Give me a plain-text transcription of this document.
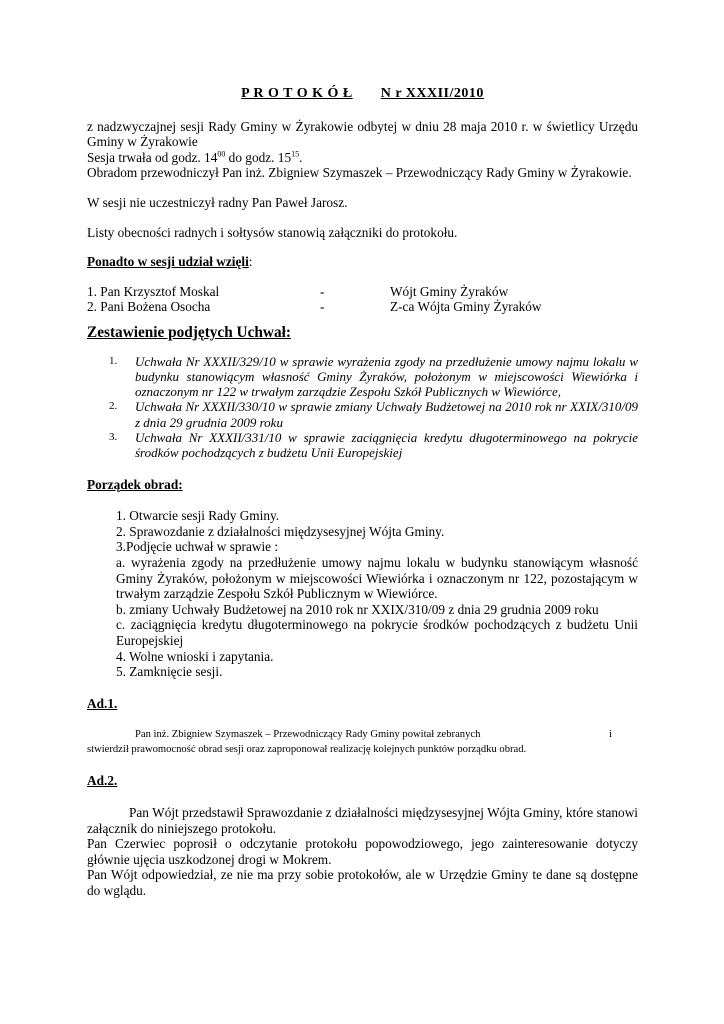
P R O T O K Ó Ł N r XXXII/2010

z nadzwyczajnej sesji Rady Gminy w Żyrakowie odbytej w dniu 28 maja 2010 r. w świetlicy Urzędu Gminy w Żyrakowie

Sesja trwała od godz. $14^{00}$ do godz. $15^{15}$.

Obradom przewodniczył Pan inż. Zbigniew Szymaszek – Przewodniczący Rady Gminy w Żyrakowie.

W sesji nie uczestniczył radny Pan Paweł Jarosz.

Listy obecności radnych i sołtysów stanowią załączniki do protokołu.

Ponadto w sesji udział wzięli:

1. Pan Krzysztof Moskal	-	Wójt Gminy Żyraków
2. Pani Bożena Osocha	-	Z-ca Wójta Gminy Żyraków

Zestawienie podjętych Uchwał:

1. Uchwała Nr XXXII/329/10 w sprawie wyrażenia zgody na przedłużenie umowy najmu lokalu w budynku stanowiącym własność Gminy Żyraków, położonym w miejscowości Wiewiórka i oznaczonym nr 122 w trwałym zarządzie Zespołu Szkół Publicznych w Wiewiórce,
2. Uchwała Nr XXXII/330/10 w sprawie zmiany Uchwały Budżetowej na 2010 rok nr XXIX/310/09 z dnia 29 grudnia 2009 roku
3. Uchwała Nr XXXII/331/10 w sprawie zaciągnięcia kredytu długoterminowego na pokrycie środków pochodzących z budżetu Unii Europejskiej

Porządek obrad:

1. Otwarcie sesji Rady Gminy.

2. Sprawozdanie z działalności międzysesyjnej Wójta Gminy.

3.Podjęcie uchwał w sprawie :

a. wyrażenia zgody na przedłużenie umowy najmu lokalu w budynku stanowiącym własność Gminy Żyraków, położonym w miejscowości Wiewiórka i oznaczonym nr 122, pozostającym w trwałym zarządzie Zespołu Szkół Publicznym w Wiewiórce.

b. zmiany Uchwały Budżetowej na 2010 rok nr XXIX/310/09 z dnia 29 grudnia 2009 roku

c. zaciągnięcia kredytu długoterminowego na pokrycie środków pochodzących z budżetu Unii Europejskiej

4. Wolne wnioski i zapytania.

5. Zamknięcie sesji.

Ad.1.

Pan inż. Zbigniew Szymaszek – Przewodniczący Rady Gminy powitał zebranych	i

stwierdził prawomocność obrad sesji oraz zaproponował realizację kolejnych punktów porządku obrad.

Ad.2.

Pan Wójt przedstawił Sprawozdanie z działalności międzysesyjnej Wójta Gminy, które stanowi załącznik do niniejszego protokołu.

Pan Czerwiec poprosił o odczytanie protokołu popowodziowego, jego zainteresowanie dotyczy głównie ujęcia uszkodzonej drogi w Mokrem.

Pan Wójt odpowiedział, ze nie ma przy sobie protokołów, ale w Urzędzie Gminy te dane są dostępne do wglądu.
